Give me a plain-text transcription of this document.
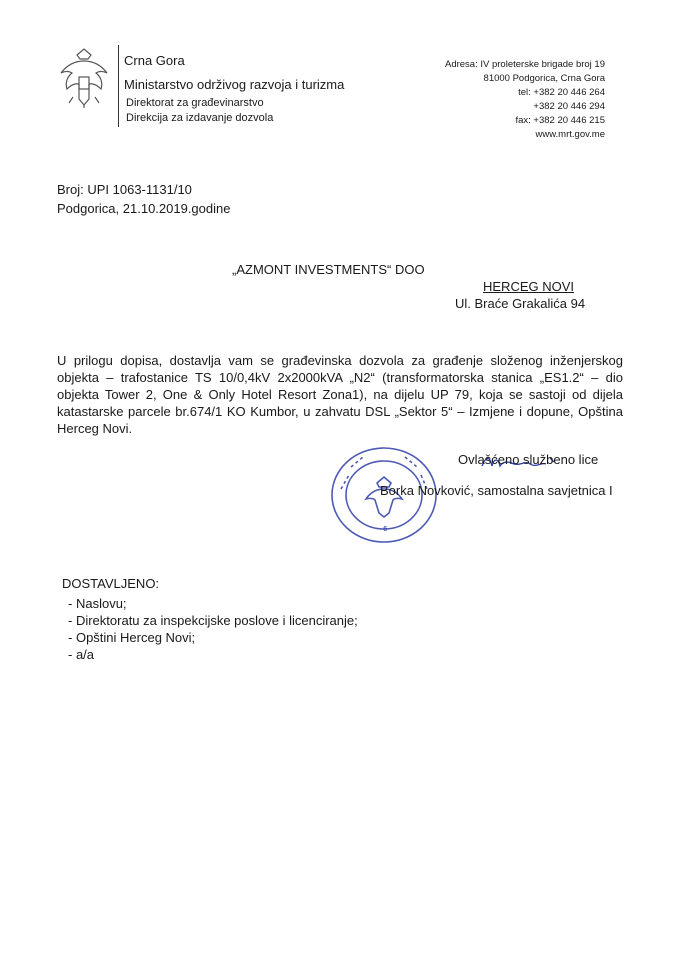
Crna Gora
Ministarstvo održivog razvoja i turizma
Direktorat za građevinarstvo
Direkcija za izdavanje dozvola
Adresa: IV proleterske brigade broj 19
81000 Podgorica, Crna Gora
tel: +382 20 446 264
+382 20 446 294
fax: +382 20 446 215
www.mrt.gov.me
Broj: UPI 1063-1131/10
Podgorica, 21.10.2019.godine
„AZMONT INVESTMENTS“ DOO
HERCEG NOVI
Ul. Braće Grakalića 94
U prilogu dopisa, dostavlja vam se građevinska dozvola za građenje složenog inženjerskog objekta – trafostanice TS 10/0,4kV 2x2000kVA „N2“ (transformatorska stanica „ES1.2“ – dio objekta Tower 2, One & Only Hotel Resort Zona1), na dijelu UP 79, koja se sastoji od dijela katastarske parcele br.674/1 KO Kumbor, u zahvatu DSL „Sektor 5“ – Izmjene i dopune, Opština Herceg Novi.
6
Ovlašćeno službeno lice
Borka Novković, samostalna savjetnica I
DOSTAVLJENO:
- Naslovu;
- Direktoratu za inspekcijske poslove i licenciranje;
- Opštini Herceg Novi;
- a/a
